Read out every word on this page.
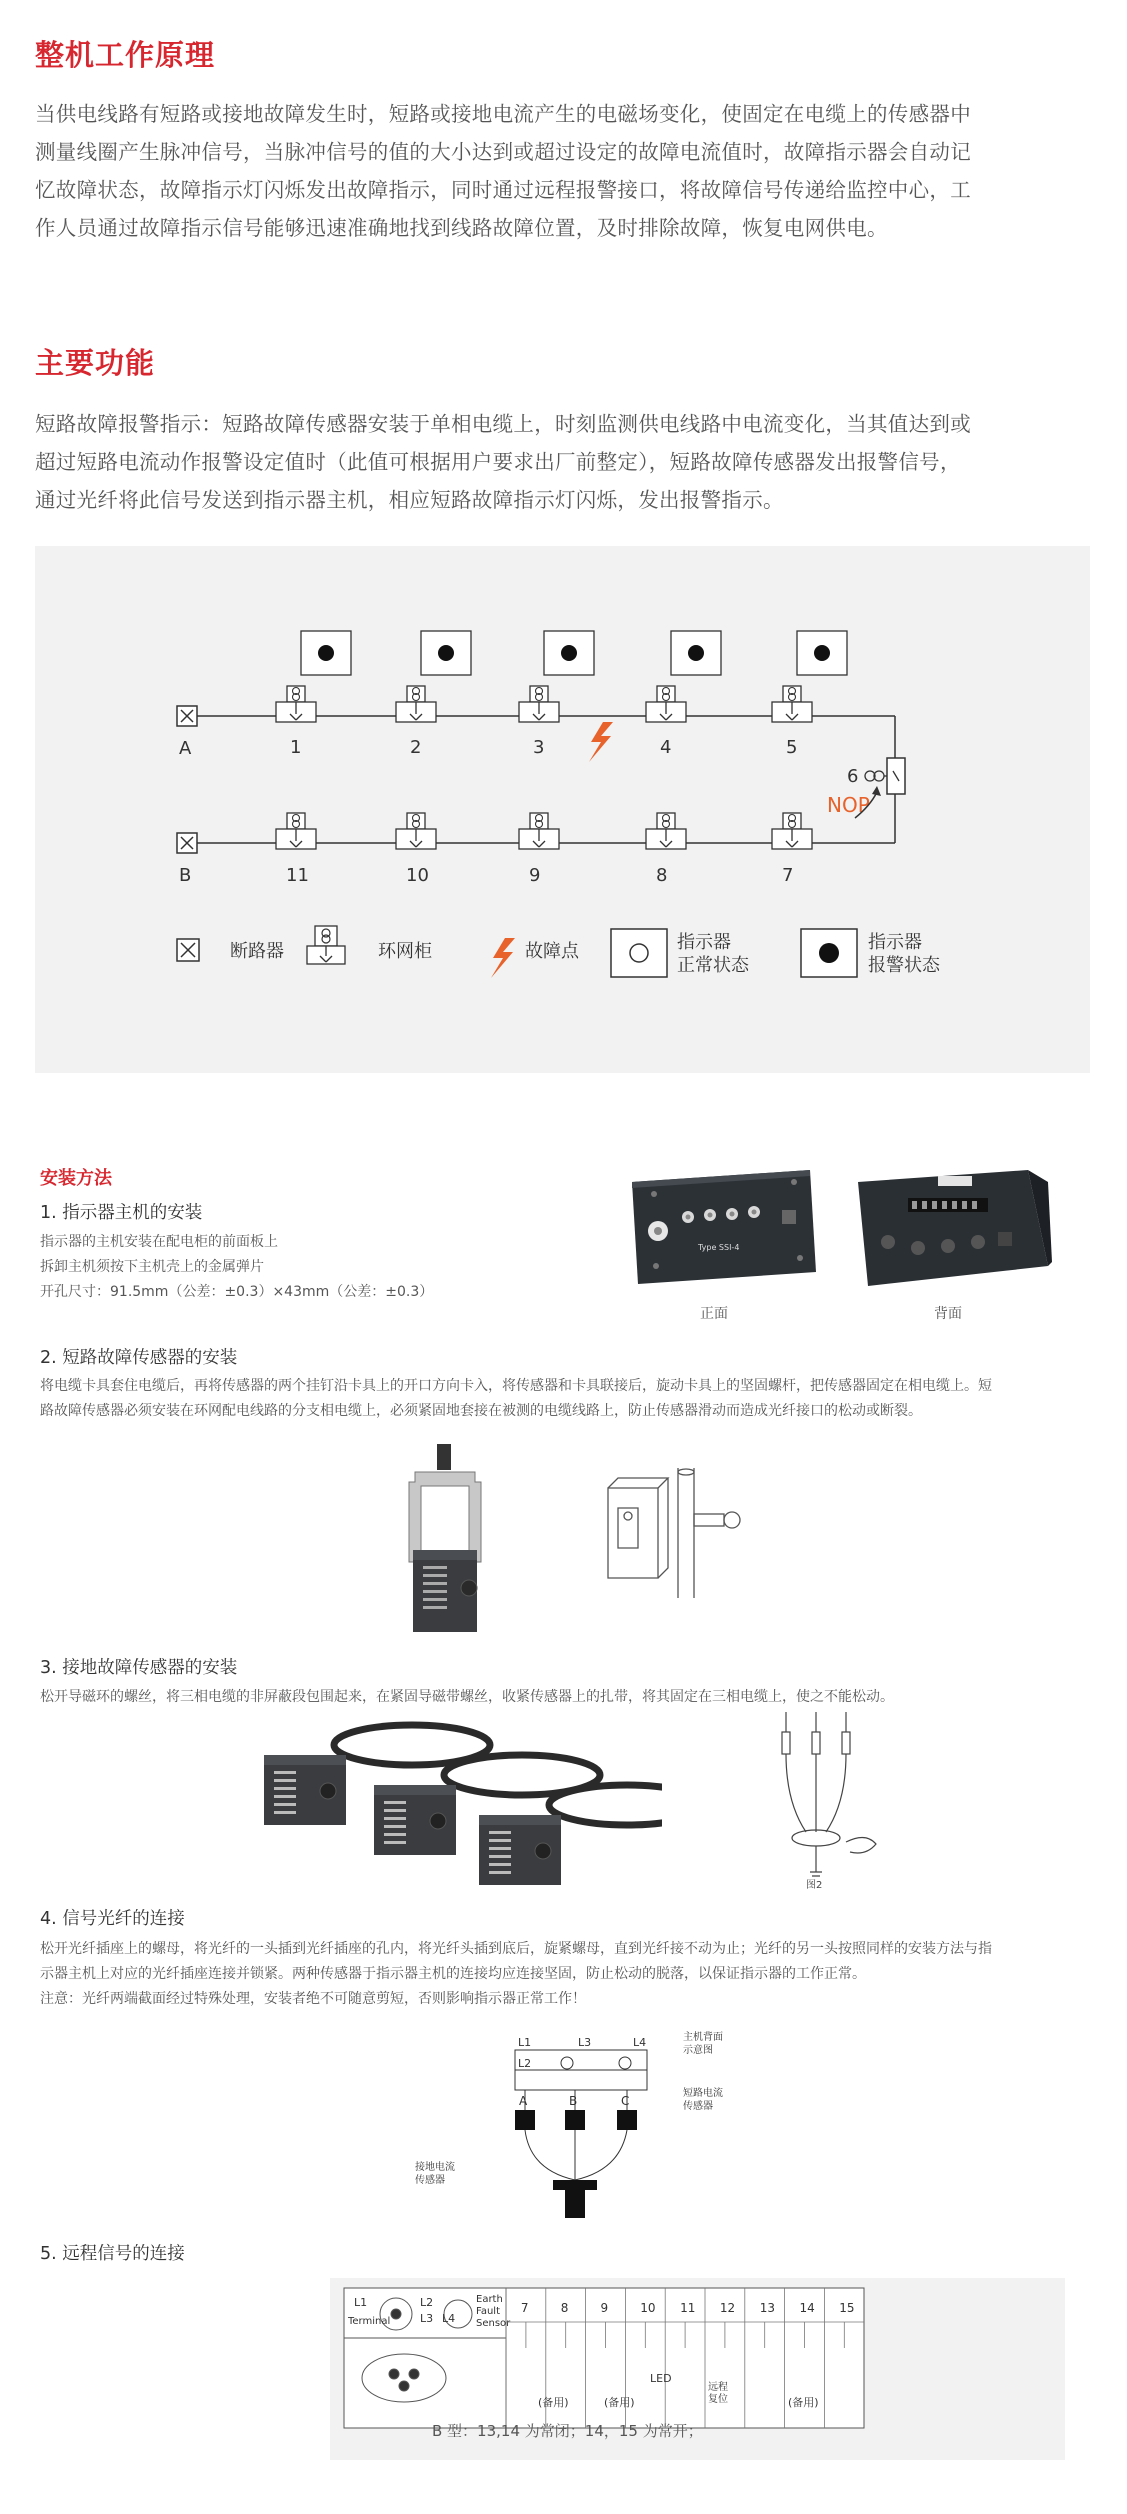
整机工作原理
当供电线路有短路或接地故障发生时，短路或接地电流产生的电磁场变化，使固定在电缆上的传感器中
测量线圈产生脉冲信号，当脉冲信号的值的大小达到或超过设定的故障电流值时，故障指示器会自动记
忆故障状态，故障指示灯闪烁发出故障指示，同时通过远程报警接口，将故障信号传递给监控中心，工
作人员通过故障指示信号能够迅速准确地找到线路故障位置，及时排除故障，恢复电网供电。
主要功能
短路故障报警指示：短路故障传感器安装于单相电缆上，时刻监测供电线路中电流变化，当其值达到或
超过短路电流动作报警设定值时（此值可根据用户要求出厂前整定），短路故障传感器发出报警信号，
通过光纤将此信号发送到指示器主机，相应短路故障指示灯闪烁，发出报警指示。
A
B
1	2	3	4	5
11	10	9	8	7
6
NOP
断路器	环网柜	故障点	指示器
正常状态
指示器
报警状态
安装方法
1. 指示器主机的安装
指示器的主机安装在配电柜的前面板上
拆卸主机须按下主机壳上的金属弹片
开孔尺寸：91.5mm（公差：±0.3）×43mm（公差：±0.3）
Type SSI-4
正面	背面
2. 短路故障传感器的安装
将电缆卡具套住电缆后，再将传感器的两个挂钉沿卡具上的开口方向卡入，将传感器和卡具联接后，旋动卡具上的坚固螺杆，把传感器固定在相电缆上。短
路故障传感器必须安装在环网配电线路的分支相电缆上，必须紧固地套接在被测的电缆线路上，防止传感器滑动而造成光纤接口的松动或断裂。
3. 接地故障传感器的安装
松开导磁环的螺丝，将三相电缆的非屏蔽段包围起来，在紧固导磁带螺丝，收紧传感器上的扎带，将其固定在三相电缆上，使之不能松动。
图2
4. 信号光纤的连接
松开光纤插座上的螺母，将光纤的一头插到光纤插座的孔内，将光纤头插到底后，旋紧螺母，直到光纤接不动为止；光纤的另一头按照同样的安装方法与指
示器主机上对应的光纤插座连接并锁紧。两种传感器于指示器主机的连接均应连接坚固，防止松动的脱落，以保证指示器的工作正常。
注意：光纤两端截面经过特殊处理，安装者绝不可随意剪短，否则影响指示器正常工作！
L1
L2
L3	L4
A	B	C
主机背面
示意图
短路电流
传感器
接地电流
传感器
5. 远程信号的连接
L1	L2
L3 L4
Terminal
Earth
Fault
Sensor
7	8	9	10 11 12 13 14 15
(备用)	(备用)
LED
远程
复位	(备用)
B 型：13,14 为常闭；14，15 为常开；
